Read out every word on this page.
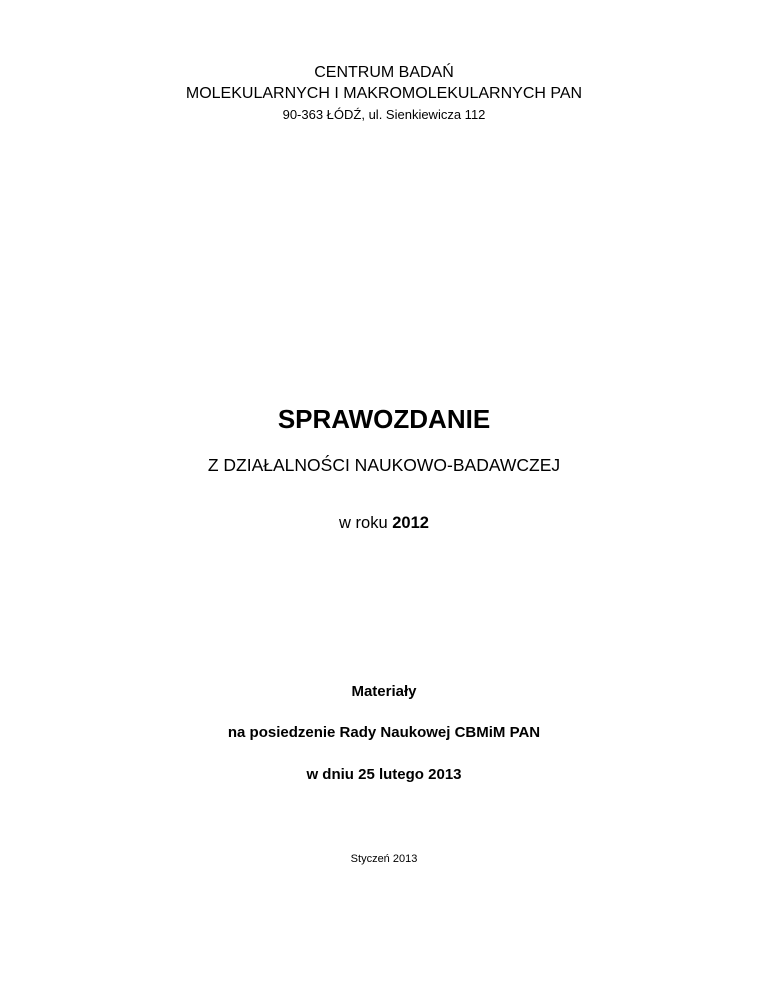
CENTRUM BADAŃ
MOLEKULARNYCH I MAKROMOLEKULARNYCH PAN
90-363 ŁÓDŹ, ul. Sienkiewicza 112
SPRAWOZDANIE
Z DZIAŁALNOŚCI NAUKOWO-BADAWCZEJ
w roku 2012
Materiały
na posiedzenie Rady Naukowej CBMiM PAN
w dniu 25 lutego 2013
Styczeń 2013
